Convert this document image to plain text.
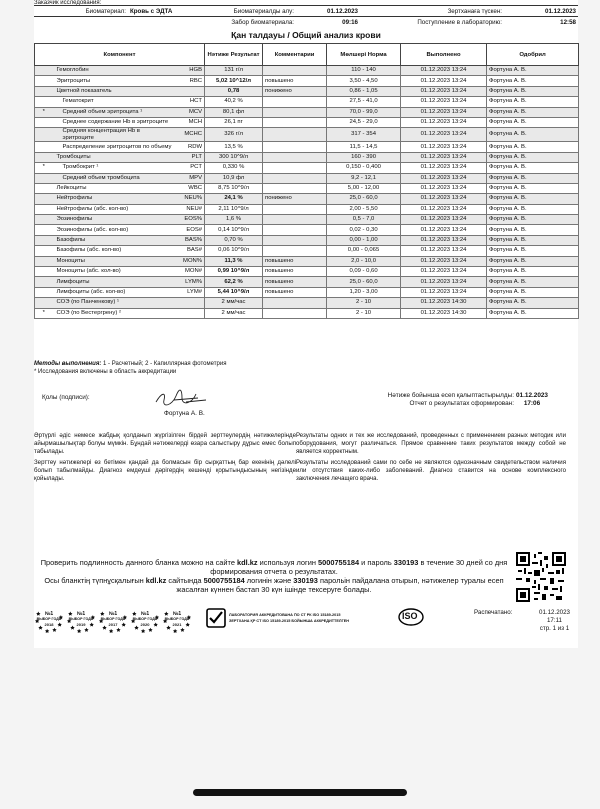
Заказчик исследования:
Биоматериал:	Кровь с ЭДТА	Биоматериалды алу:	01.12.2023	Зертханаға түскен:	01.12.2023
		Забор биоматериала:	09:16	Поступление в лабораторию:	12:58
Қан талдауы / Общий анализ крови
Компонент			Нәтиже Результат	Комментарии	Мөлшері Норма	Выполнено	Одобрил
	Гемоглобин	HGB	131 г/л		110 - 140	01.12.2023 13:24	Фортуна А. В.
	Эритроциты	RBC	5,02 10^12/л	повышено	3,50 - 4,50	01.12.2023 13:24	Фортуна А. В.
	Цветной показатель		0,78	понижено	0,86 - 1,05	01.12.2023 13:24	Фортуна А. В.
	Гематокрит	HCT	40,2 %		27,5 - 41,0	01.12.2023 13:24	Фортуна А. В.
*	Средний объем эритроцита ¹	MCV	80,1 фл		70,0 - 99,0	01.12.2023 13:24	Фортуна А. В.
	Среднее содержание Hb в эритроците	MCH	26,1 пг		24,5 - 29,0	01.12.2023 13:24	Фортуна А. В.
	Средняя концентрация Hb в эритроците	MCHC	326 г/л		317 - 354	01.12.2023 13:24	Фортуна А. В.
	Распределение эритроцитов по объему	RDW	13,5 %		11,5 - 14,5	01.12.2023 13:24	Фортуна А. В.
	Тромбоциты	PLT	300 10^9/л		160 - 390	01.12.2023 13:24	Фортуна А. В.
*	Тромбокрит ¹	PCT	0,330 %		0,150 - 0,400	01.12.2023 13:24	Фортуна А. В.
	Средний объем тромбоцита	MPV	10,9 фл		9,2 - 12,1	01.12.2023 13:24	Фортуна А. В.
	Лейкоциты	WBC	8,75 10^9/л		5,00 - 12,00	01.12.2023 13:24	Фортуна А. В.
	Нейтрофилы	NEU%	24,1 %	понижено	25,0 - 60,0	01.12.2023 13:24	Фортуна А. В.
	Нейтрофилы (абс. кол-во)	NEU#	2,11 10^9/л		2,00 - 5,50	01.12.2023 13:24	Фортуна А. В.
	Эозинофилы	EOS%	1,6 %		0,5 - 7,0	01.12.2023 13:24	Фортуна А. В.
	Эозинофилы (абс. кол-во)	EOS#	0,14 10^9/л		0,02 - 0,30	01.12.2023 13:24	Фортуна А. В.
	Базофилы	BAS%	0,70 %		0,00 - 1,00	01.12.2023 13:24	Фортуна А. В.
	Базофилы (абс. кол-во)	BAS#	0,06 10^9/л		0,00 - 0,065	01.12.2023 13:24	Фортуна А. В.
	Моноциты	MON%	11,3 %	повышено	2,0 - 10,0	01.12.2023 13:24	Фортуна А. В.
	Моноциты (абс. кол-во)	MON#	0,99 10^9/л	повышено	0,09 - 0,60	01.12.2023 13:24	Фортуна А. В.
	Лимфоциты	LYM%	62,2 %	повышено	25,0 - 60,0	01.12.2023 13:24	Фортуна А. В.
	Лимфоциты (абс. кол-во)	LYM#	5,44 10^9/л	повышено	1,20 - 3,00	01.12.2023 13:24	Фортуна А. В.
	СОЭ (по Панченкову) ¹		2 мм/час		2 - 10	01.12.2023 14:30	Фортуна А. В.
*	СОЭ (по Вестергрену) ²		2 мм/час		2 - 10	01.12.2023 14:30	Фортуна А. В.
Методы выполнения: 1 - Расчетный; 2 - Капиллярная фотометрия
* Исследования включены в область аккредитации
Қолы (подписи):
Фортуна А. В.
Нәтиже бойынша есеп қалыптастырылды:
Отчет о результатах сформирован:
01.12.2023
17:06

Әртүрлі әдіс немесе жабдық қолданып жүргізілген бірдей зерттеулердің нәтижелерінде айырмашылықтар болуы мүмкін. Бұндай нәтижелерді өзара салыстыру дұрыс емес болып табылады.

Зерттеу нәтижелері өз бетімен қандай да болмасын бір сырқаттың бар екенінің дәлелі болып табылмайды. Диагноз емдеуші дәрігердің кешенді қорытындысының негізінде қойылады.

Результаты одних и тех же исследований, проведенных с применением разных методик или оборудования, могут различаться. Прямое сравнение таких результатов между собой не является корректным.

Результаты исследований сами по себе не являются однозначным свидетельством наличия или отсутствия каких-либо заболеваний. Диагноз ставится на основе комплексного заключения лечащего врача.

Проверить подлинность данного бланка можно на сайте kdl.kz используя логин 5000755184 и пароль 330193 в течение 30 дней со дня формирования отчета о результатах.
Осы бланктің түпнұсқалығын kdl.kz сайтында 5000755184 логинін және 330193 парольін пайдалана отырып, нәтижелер туралы есеп жасалған күннен бастап 30 күн ішінде тексеруге болады.
№1
ВЫБОР ГОДА
2018
№1
ВЫБОР ГОДА
2019
№1
ВЫБОР ГОДА
2017
№1
ВЫБОР ГОДА
2020
№1
ВЫБОР ГОДА
2021
ЛАБОРАТОРИЯ АККРЕДИТОВАНА ПО СТ РК ISO 15189-2015
ЗЕРТХАНА ҚР СТ ISO 15189-2015 БОЙЫНША АККРЕДИТТЕЛГЕН	ISO	Распечатано:	01.12.2023
17:11
стр. 1 из 1
